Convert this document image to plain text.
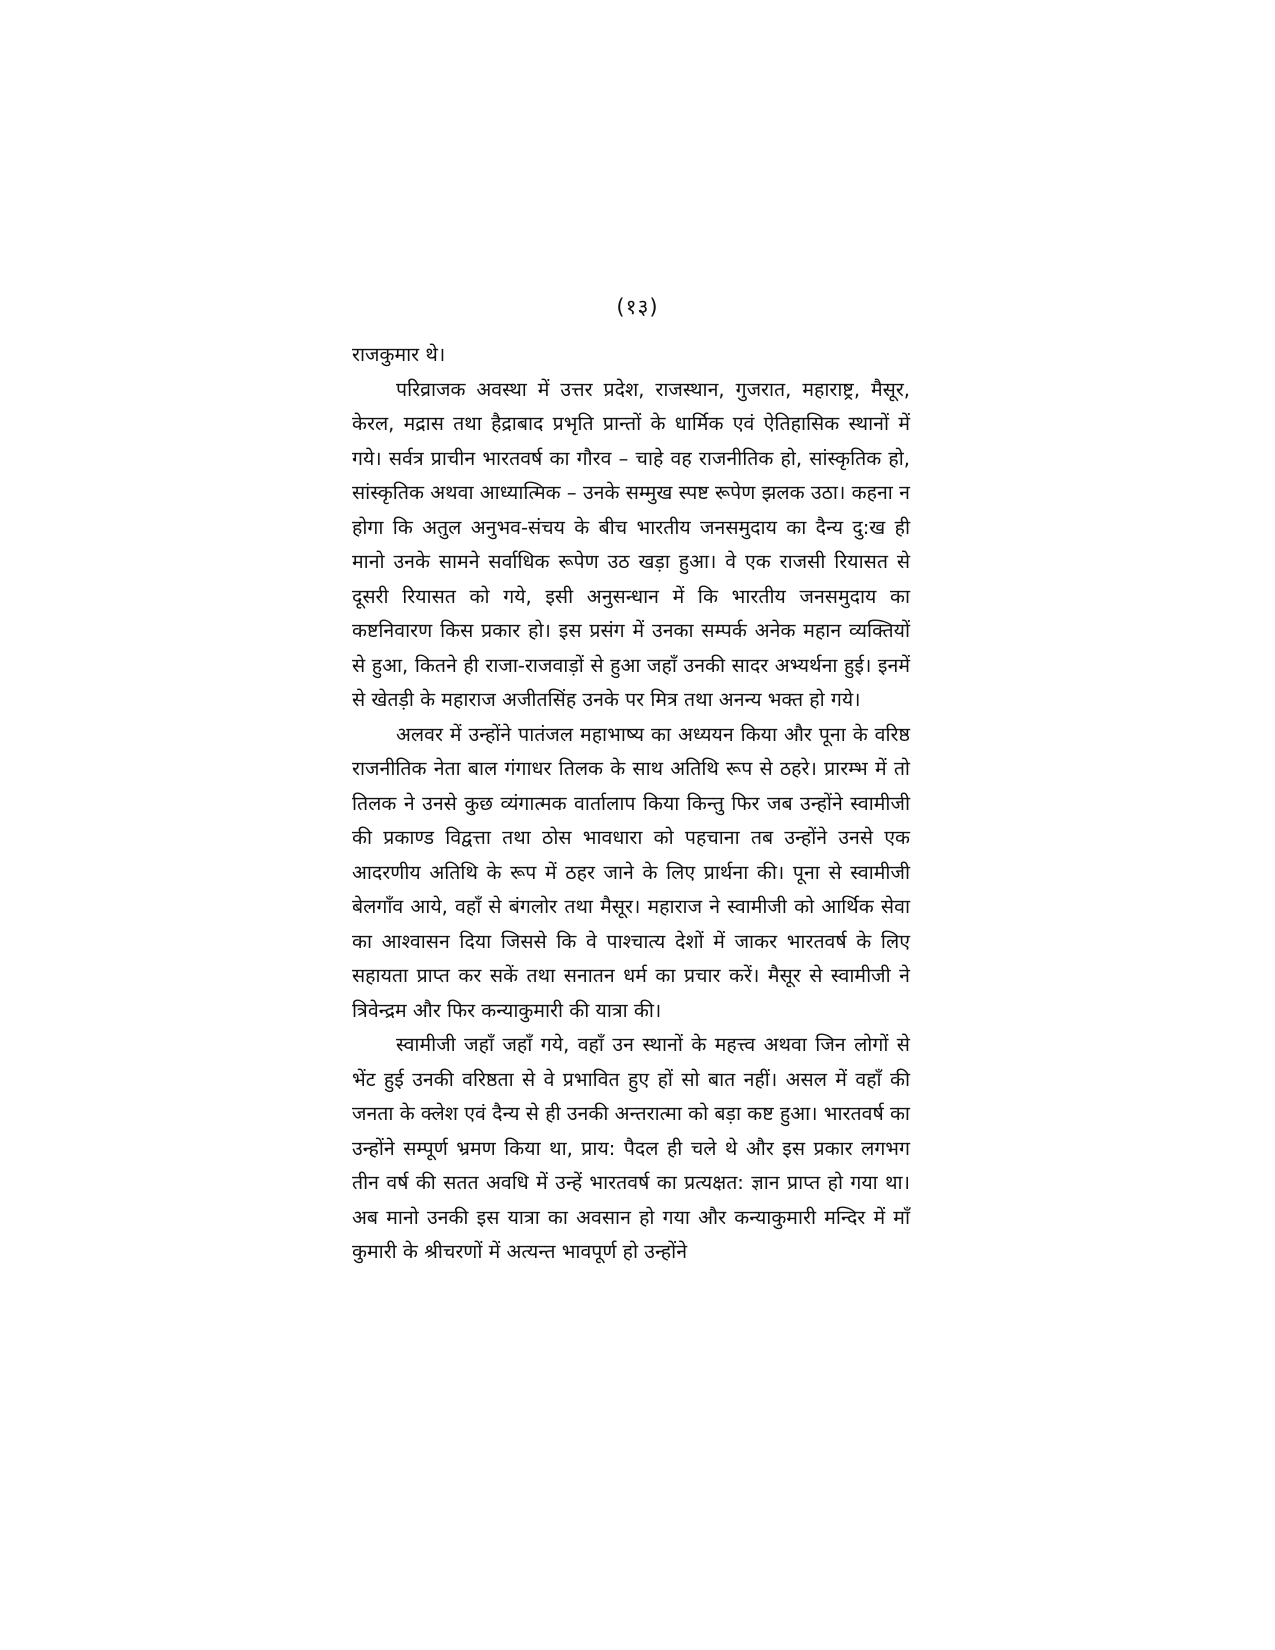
(१३)

राजकुमार थे।

परिव्राजक अवस्था में उत्तर प्रदेश, राजस्थान, गुजरात, महाराष्ट्र, मैसूर, केरल, मद्रास तथा हैद्राबाद प्रभृति प्रान्तों के धार्मिक एवं ऐतिहासिक स्थानों में गये। सर्वत्र प्राचीन भारतवर्ष का गौरव – चाहे वह राजनीतिक हो, सांस्कृतिक हो, सांस्कृतिक अथवा आध्यात्मिक – उनके सम्मुख स्पष्ट रूपेण झलक उठा। कहना न होगा कि अतुल अनुभव-संचय के बीच भारतीय जनसमुदाय का दैन्य दु:ख ही मानो उनके सामने सर्वाधिक रूपेण उठ खड़ा हुआ। वे एक राजसी रियासत से दूसरी रियासत को गये, इसी अनुसन्धान में कि भारतीय जनसमुदाय का कष्टनिवारण किस प्रकार हो। इस प्रसंग में उनका सम्पर्क अनेक महान व्यक्तियों से हुआ, कितने ही राजा-राजवाड़ों से हुआ जहाँ उनकी सादर अभ्यर्थना हुई। इनमें से खेतड़ी के महाराज अजीतसिंह उनके पर मित्र तथा अनन्य भक्त हो गये।

अलवर में उन्होंने पातंजल महाभाष्य का अध्ययन किया और पूना के वरिष्ठ राजनीतिक नेता बाल गंगाधर तिलक के साथ अतिथि रूप से ठहरे। प्रारम्भ में तो तिलक ने उनसे कुछ व्यंगात्मक वार्तालाप किया किन्तु फिर जब उन्होंने स्वामीजी की प्रकाण्ड विद्वत्ता तथा ठोस भावधारा को पहचाना तब उन्होंने उनसे एक आदरणीय अतिथि के रूप में ठहर जाने के लिए प्रार्थना की। पूना से स्वामीजी बेलगाँव आये, वहाँ से बंगलोर तथा मैसूर। महाराज ने स्वामीजी को आर्थिक सेवा का आश्वासन दिया जिससे कि वे पाश्चात्य देशों में जाकर भारतवर्ष के लिए सहायता प्राप्त कर सकें तथा सनातन धर्म का प्रचार करें। मैसूर से स्वामीजी ने त्रिवेन्द्रम और फिर कन्याकुमारी की यात्रा की।

स्वामीजी जहाँ जहाँ गये, वहाँ उन स्थानों के महत्त्व अथवा जिन लोगों से भेंट हुई उनकी वरिष्ठता से वे प्रभावित हुए हों सो बात नहीं। असल में वहाँ की जनता के क्लेश एवं दैन्य से ही उनकी अन्तरात्मा को बड़ा कष्ट हुआ। भारतवर्ष का उन्होंने सम्पूर्ण भ्रमण किया था, प्राय: पैदल ही चले थे और इस प्रकार लगभग तीन वर्ष की सतत अवधि में उन्हें भारतवर्ष का प्रत्यक्षत: ज्ञान प्राप्त हो गया था। अब मानो उनकी इस यात्रा का अवसान हो गया और कन्याकुमारी मन्दिर में माँ कुमारी के श्रीचरणों में अत्यन्त भावपूर्ण हो उन्होंने
